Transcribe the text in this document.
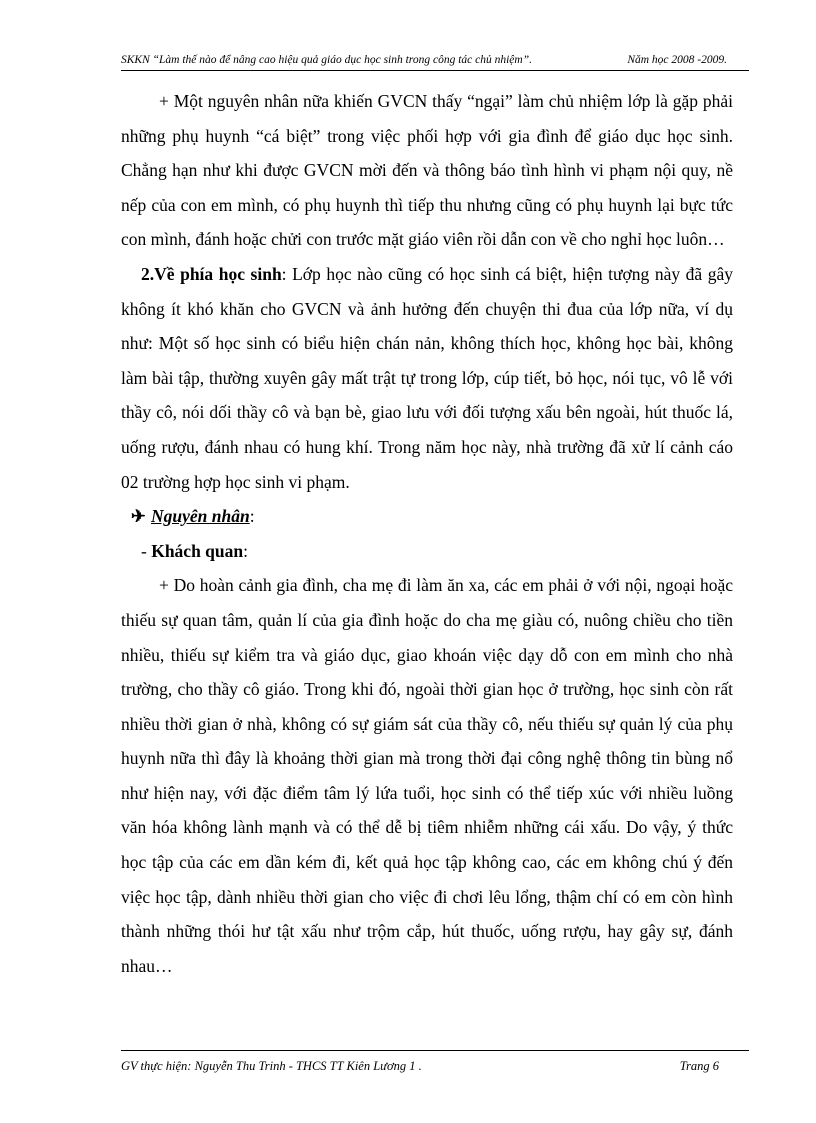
SKKN “Làm thế nào để nâng cao hiệu quả giáo dục học sinh trong công tác chủ nhiệm”.	Năm học 2008 -2009.

+ Một nguyên nhân nữa khiến GVCN thấy “ngại” làm chủ nhiệm lớp là gặp phải những phụ huynh “cá biệt” trong việc phối hợp với gia đình để giáo dục học sinh. Chẳng hạn như khi được GVCN mời đến và thông báo tình hình vi phạm nội quy, nề nếp của con em mình, có phụ huynh thì tiếp thu nhưng cũng có phụ huynh lại bực tức con mình, đánh hoặc chửi con trước mặt giáo viên rồi dẫn con về cho nghỉ học luôn…

2.Về phía học sinh: Lớp học nào cũng có học sinh cá biệt, hiện tượng này đã gây không ít khó khăn cho GVCN và ảnh hưởng đến chuyện thi đua của lớp nữa, ví dụ như: Một số học sinh có biểu hiện chán nản, không thích học, không học bài, không làm bài tập, thường xuyên gây mất trật tự trong lớp, cúp tiết, bỏ học, nói tục, vô lễ với thầy cô, nói dối thầy cô và bạn bè, giao lưu với đối tượng xấu bên ngoài, hút thuốc lá, uống rượu, đánh nhau có hung khí. Trong năm học này, nhà trường đã xử lí cảnh cáo 02 trường hợp học sinh vi phạm.

✈ Nguyên nhân:

- Khách quan:

+ Do hoàn cảnh gia đình, cha mẹ đi làm ăn xa, các em phải ở với nội, ngoại hoặc thiếu sự quan tâm, quản lí của gia đình hoặc do cha mẹ giàu có, nuông chiều cho tiền nhiều, thiếu sự kiểm tra và giáo dục, giao khoán việc dạy dỗ con em mình cho nhà trường, cho thầy cô giáo. Trong khi đó, ngoài thời gian học ở trường, học sinh còn rất nhiều thời gian ở nhà, không có sự giám sát của thầy cô, nếu thiếu sự quản lý của phụ huynh nữa thì đây là khoảng thời gian mà trong thời đại công nghệ thông tin bùng nổ như hiện nay, với đặc điểm tâm lý lứa tuổi, học sinh có thể tiếp xúc với nhiều luồng văn hóa không lành mạnh và có thể dễ bị tiêm nhiễm những cái xấu. Do vậy, ý thức học tập của các em dần kém đi, kết quả học tập không cao, các em không chú ý đến việc học tập, dành nhiều thời gian cho việc đi chơi lêu lổng, thậm chí có em còn hình thành những thói hư tật xấu như trộm cắp, hút thuốc, uống rượu, hay gây sự, đánh nhau…

GV thực hiện: Nguyễn Thu Trinh - THCS TT Kiên Lương 1 .	Trang 6
